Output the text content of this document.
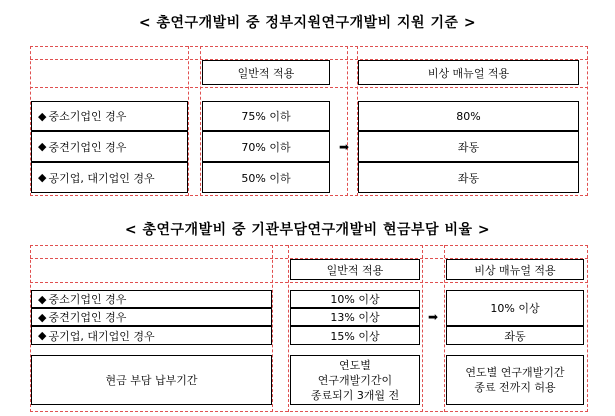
< 총연구개발비 중 정부지원연구개발비 지원 기준 >
일반적 적용	비상 매뉴얼 적용
◆ 중소기업인 경우
◆ 중견기업인 경우
◆ 공기업, 대기업인 경우
75% 이하
70% 이하
50% 이하
➡
80%
좌동
좌동
< 총연구개발비 중 기관부담연구개발비 현금부담 비율 >
일반적 적용	비상 매뉴얼 적용
◆ 중소기업인 경우
◆ 중견기업인 경우
◆ 공기업, 대기업인 경우
10% 이상
13% 이상
15% 이상
➡
10% 이상
좌동
현금 부담 납부기간
연도별
연구개발기간이
종료되기 3개월 전
연도별 연구개발기간
종료 전까지 허용
